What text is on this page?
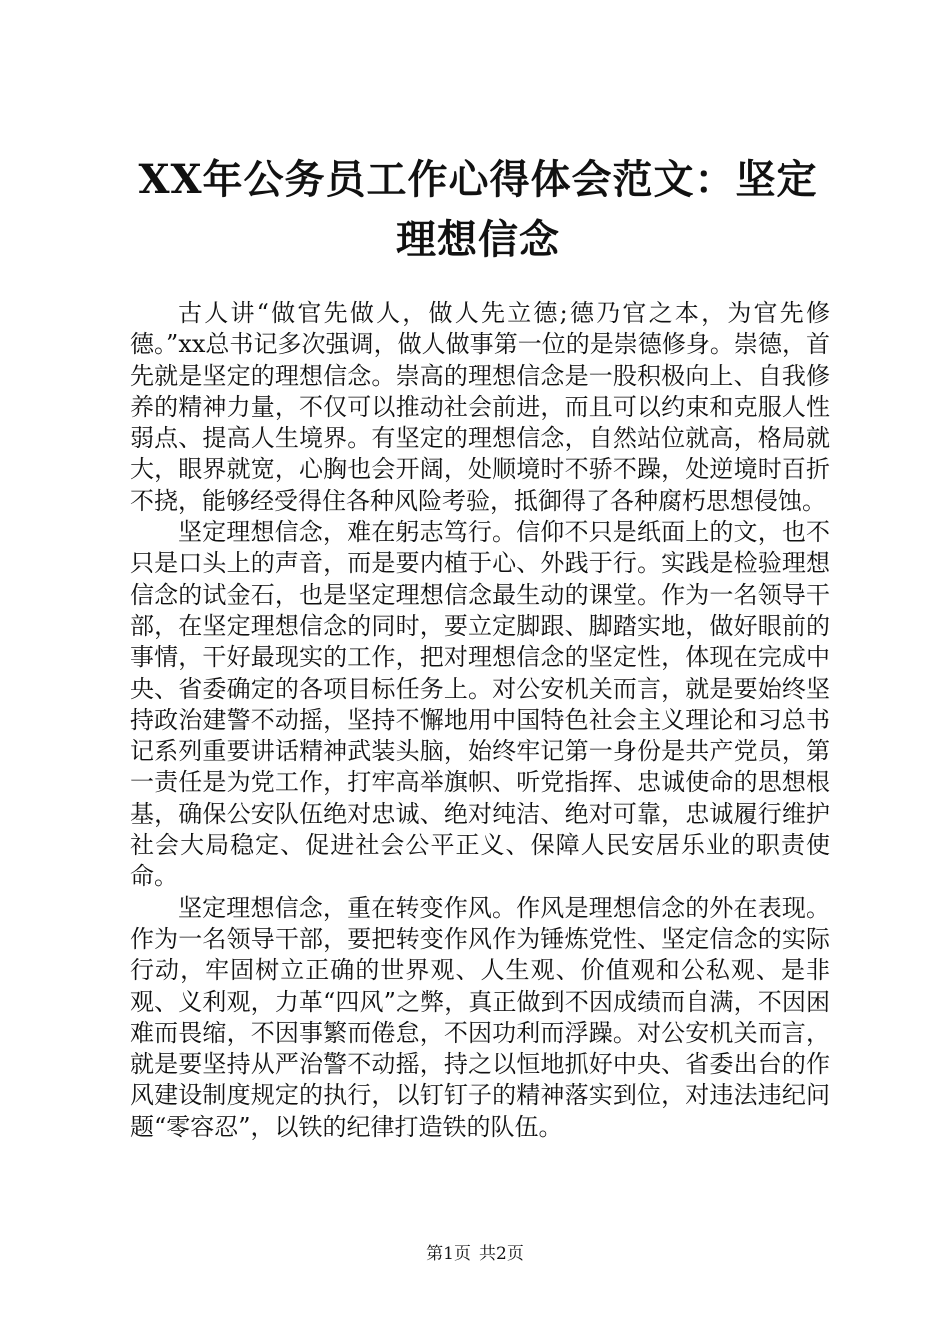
XX年公务员工作心得体会范文：坚定理想信念

古人讲“做官先做人，做人先立德;德乃官之本，为官先修德。”xx总书记多次强调，做人做事第一位的是崇德修身。崇德，首先就是坚定的理想信念。崇高的理想信念是一股积极向上、自我修养的精神力量，不仅可以推动社会前进，而且可以约束和克服人性弱点、提高人生境界。有坚定的理想信念，自然站位就高，格局就大，眼界就宽，心胸也会开阔，处顺境时不骄不躁，处逆境时百折不挠，能够经受得住各种风险考验，抵御得了各种腐朽思想侵蚀。

坚定理想信念，难在躬志笃行。信仰不只是纸面上的文，也不只是口头上的声音，而是要内植于心、外践于行。实践是检验理想信念的试金石，也是坚定理想信念最生动的课堂。作为一名领导干部，在坚定理想信念的同时，要立定脚跟、脚踏实地，做好眼前的事情，干好最现实的工作，把对理想信念的坚定性，体现在完成中央、省委确定的各项目标任务上。对公安机关而言，就是要始终坚持政治建警不动摇，坚持不懈地用中国特色社会主义理论和习总书记系列重要讲话精神武装头脑，始终牢记第一身份是共产党员，第一责任是为党工作，打牢高举旗帜、听党指挥、忠诚使命的思想根基，确保公安队伍绝对忠诚、绝对纯洁、绝对可靠，忠诚履行维护社会大局稳定、促进社会公平正义、保障人民安居乐业的职责使命。

坚定理想信念，重在转变作风。作风是理想信念的外在表现。作为一名领导干部，要把转变作风作为锤炼党性、坚定信念的实际行动，牢固树立正确的世界观、人生观、价值观和公私观、是非观、义利观，力革“四风”之弊，真正做到不因成绩而自满，不因困难而畏缩，不因事繁而倦怠，不因功利而浮躁。对公安机关而言，就是要坚持从严治警不动摇，持之以恒地抓好中央、省委出台的作风建设制度规定的执行，以钉钉子的精神落实到位，对违法违纪问题“零容忍”，以铁的纪律打造铁的队伍。

第1页 共2页
